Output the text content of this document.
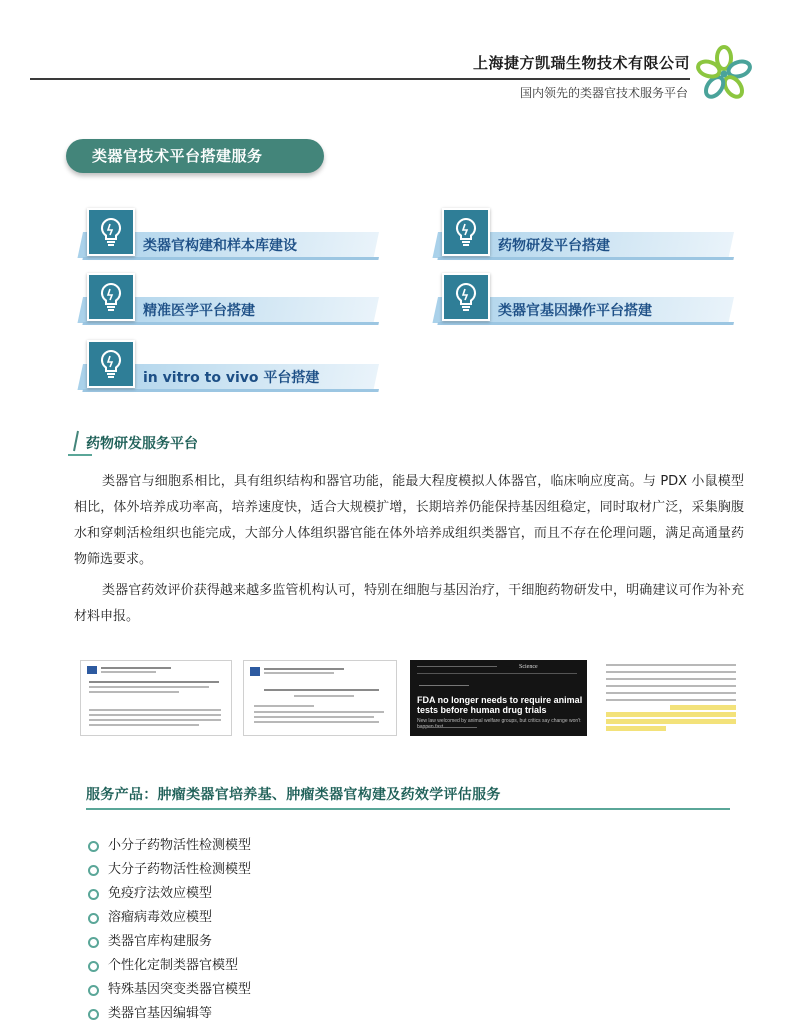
上海捷方凯瑞生物技术有限公司
国内领先的类器官技术服务平台
类器官技术平台搭建服务
类器官构建和样本库建设	药物研发平台搭建
精准医学平台搭建	类器官基因操作平台搭建
in vitro to vivo 平台搭建
药物研发服务平台
类器官与细胞系相比，具有组织结构和器官功能，能最大程度模拟人体器官，临床响应度高。与 PDX 小鼠模型相比，体外培养成功率高，培养速度快，适合大规模扩增，长期培养仍能保持基因组稳定，同时取材广泛，采集胸腹水和穿刺活检组织也能完成，大部分人体组织器官能在体外培养成组织类器官，而且不存在伦理问题，满足高通量药物筛选要求。
类器官药效评价获得越来越多监管机构认可，特别在细胞与基因治疗，干细胞药物研发中，明确建议可作为补充材料申报。
Science
FDA no longer needs to require animal tests before human drug trials
New law welcomed by animal welfare groups, but critics say change won't
服务产品：肿瘤类器官培养基、肿瘤类器官构建及药效学评估服务
小分子药物活性检测模型
大分子药物活性检测模型
免疫疗法效应模型
溶瘤病毒效应模型
类器官库构建服务
个性化定制类器官模型
特殊基因突变类器官模型
类器官基因编辑等
